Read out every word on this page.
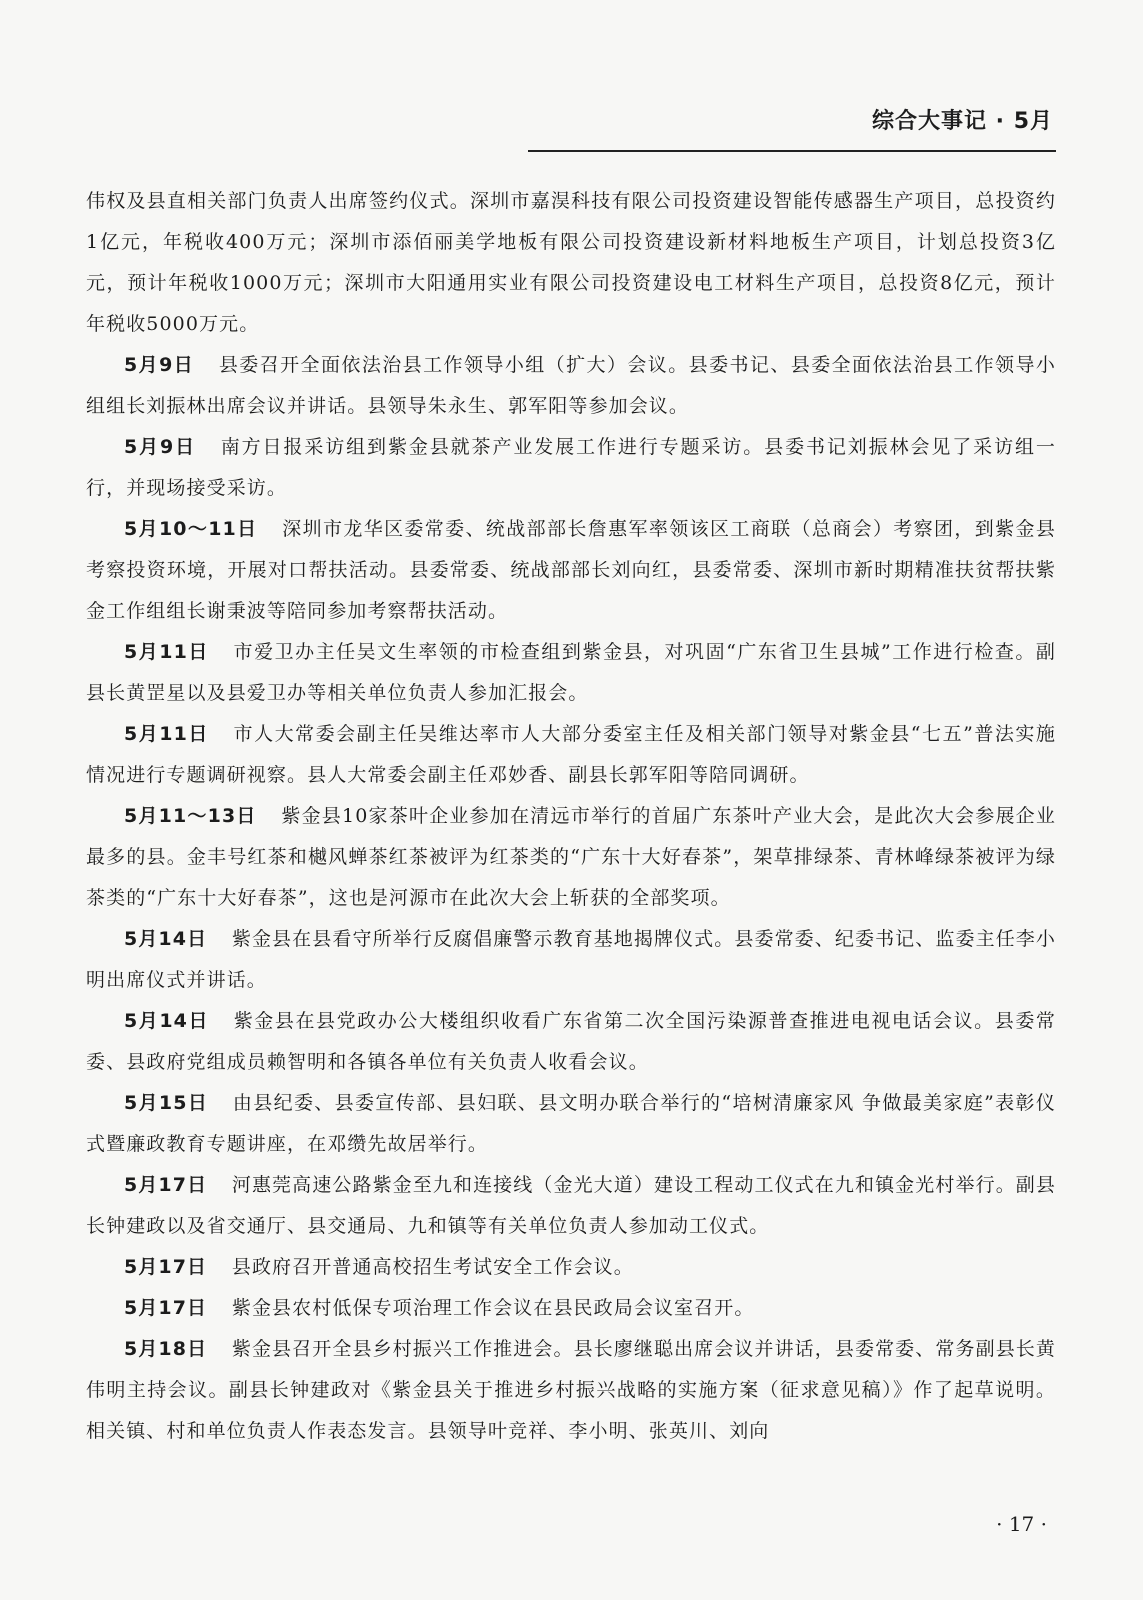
综合大事记 · 5月

伟权及县直相关部门负责人出席签约仪式。深圳市嘉淏科技有限公司投资建设智能传感器生产项目，总投资约1亿元，年税收400万元；深圳市添佰丽美学地板有限公司投资建设新材料地板生产项目，计划总投资3亿元，预计年税收1000万元；深圳市大阳通用实业有限公司投资建设电工材料生产项目，总投资8亿元，预计年税收5000万元。

5月9日 县委召开全面依法治县工作领导小组（扩大）会议。县委书记、县委全面依法治县工作领导小组组长刘振林出席会议并讲话。县领导朱永生、郭军阳等参加会议。

5月9日 南方日报采访组到紫金县就茶产业发展工作进行专题采访。县委书记刘振林会见了采访组一行，并现场接受采访。

5月10～11日 深圳市龙华区委常委、统战部部长詹惠军率领该区工商联（总商会）考察团，到紫金县考察投资环境，开展对口帮扶活动。县委常委、统战部部长刘向红，县委常委、深圳市新时期精准扶贫帮扶紫金工作组组长谢秉波等陪同参加考察帮扶活动。

5月11日 市爱卫办主任吴文生率领的市检查组到紫金县，对巩固“广东省卫生县城”工作进行检查。副县长黄罡星以及县爱卫办等相关单位负责人参加汇报会。

5月11日 市人大常委会副主任吴维达率市人大部分委室主任及相关部门领导对紫金县“七五”普法实施情况进行专题调研视察。县人大常委会副主任邓妙香、副县长郭军阳等陪同调研。

5月11～13日 紫金县10家茶叶企业参加在清远市举行的首届广东茶叶产业大会，是此次大会参展企业最多的县。金丰号红茶和樾风蝉茶红茶被评为红茶类的“广东十大好春茶”，架草排绿茶、青林峰绿茶被评为绿茶类的“广东十大好春茶”，这也是河源市在此次大会上斩获的全部奖项。

5月14日 紫金县在县看守所举行反腐倡廉警示教育基地揭牌仪式。县委常委、纪委书记、监委主任李小明出席仪式并讲话。

5月14日 紫金县在县党政办公大楼组织收看广东省第二次全国污染源普查推进电视电话会议。县委常委、县政府党组成员赖智明和各镇各单位有关负责人收看会议。

5月15日 由县纪委、县委宣传部、县妇联、县文明办联合举行的“培树清廉家风 争做最美家庭”表彰仪式暨廉政教育专题讲座，在邓缵先故居举行。

5月17日 河惠莞高速公路紫金至九和连接线（金光大道）建设工程动工仪式在九和镇金光村举行。副县长钟建政以及省交通厅、县交通局、九和镇等有关单位负责人参加动工仪式。

5月17日 县政府召开普通高校招生考试安全工作会议。

5月17日 紫金县农村低保专项治理工作会议在县民政局会议室召开。

5月18日 紫金县召开全县乡村振兴工作推进会。县长廖继聪出席会议并讲话，县委常委、常务副县长黄伟明主持会议。副县长钟建政对《紫金县关于推进乡村振兴战略的实施方案（征求意见稿）》作了起草说明。相关镇、村和单位负责人作表态发言。县领导叶竞祥、李小明、张英川、刘向

· 17 ·
